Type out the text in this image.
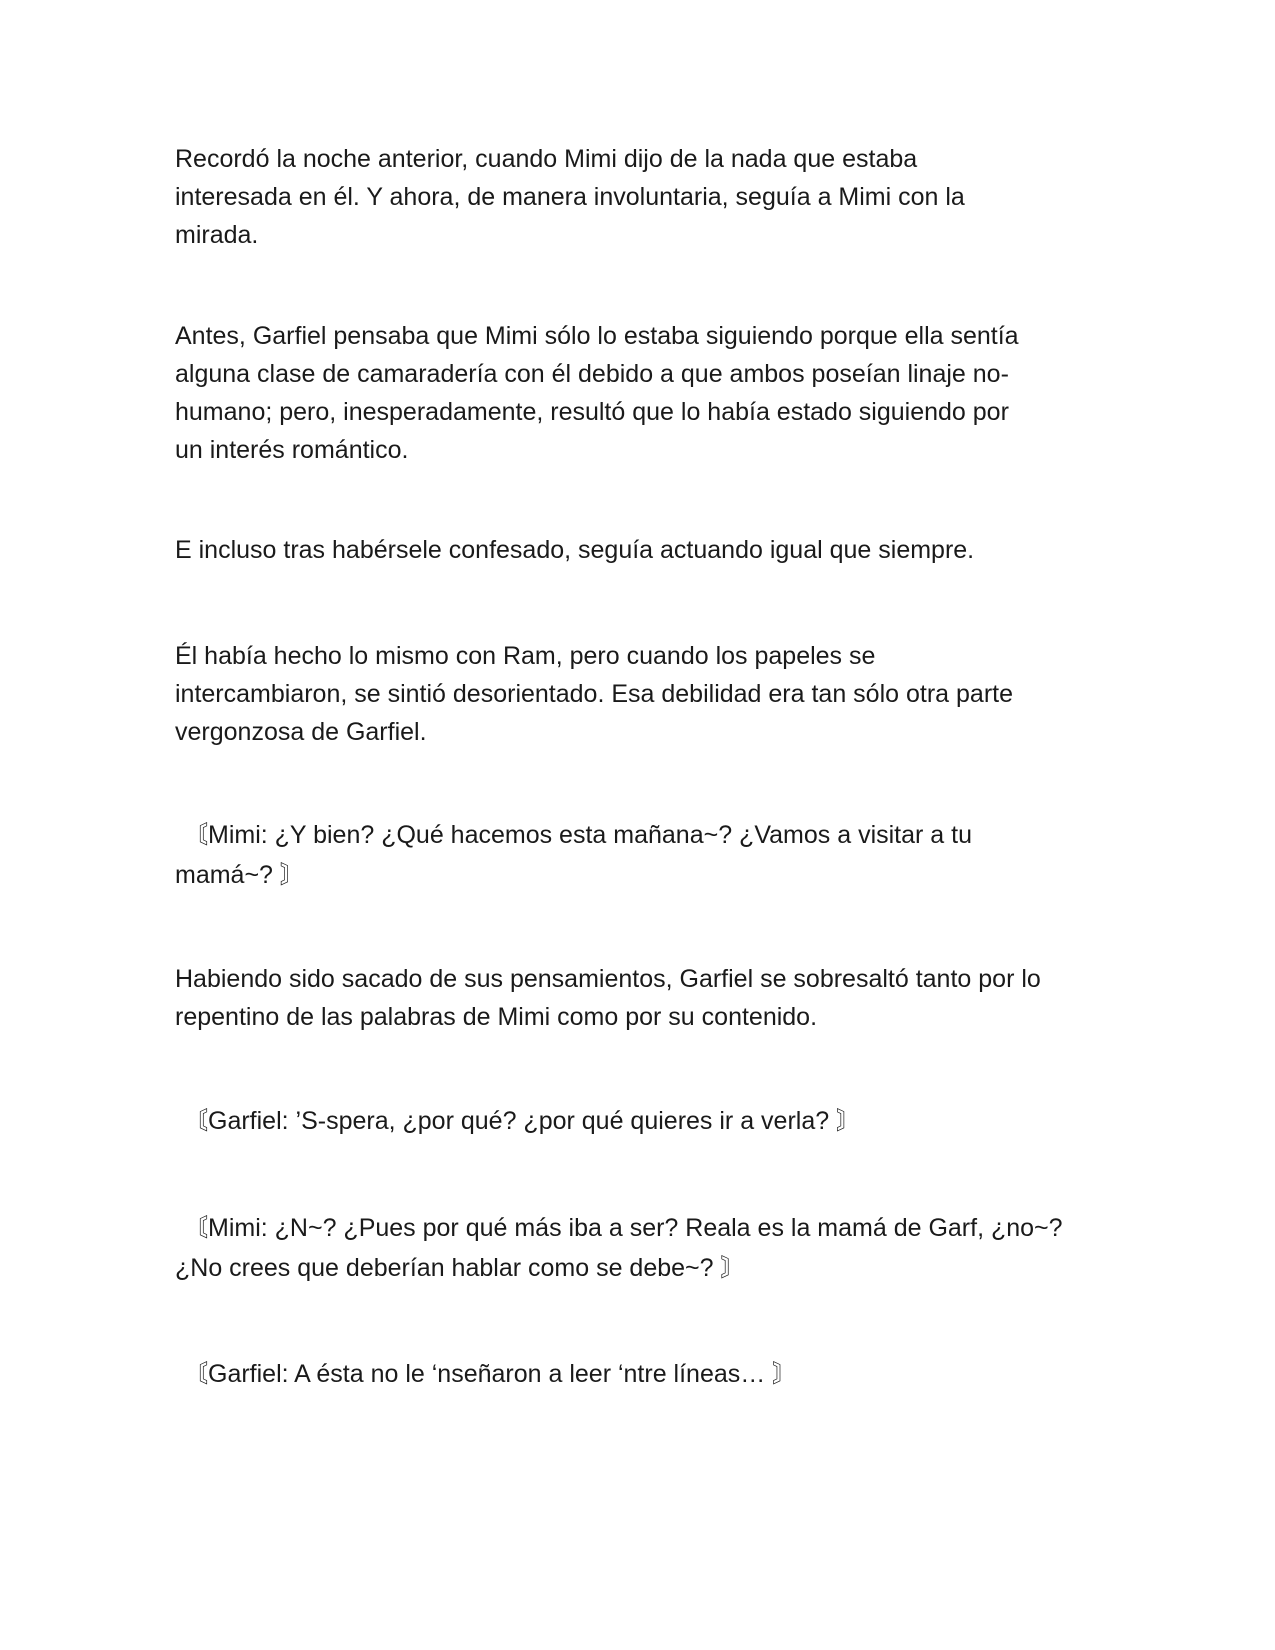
Recordó la noche anterior, cuando Mimi dijo de la nada que estaba
interesada en él. Y ahora, de manera involuntaria, seguía a Mimi con la
mirada.

Antes, Garfiel pensaba que Mimi sólo lo estaba siguiendo porque ella sentía
alguna clase de camaradería con él debido a que ambos poseían linaje no-
humano; pero, inesperadamente, resultó que lo había estado siguiendo por
un interés romántico.

E incluso tras habérsele confesado, seguía actuando igual que siempre.

Él había hecho lo mismo con Ram, pero cuando los papeles se
intercambiaron, se sintió desorientado. Esa debilidad era tan sólo otra parte
vergonzosa de Garfiel.

〘Mimi: ¿Y bien? ¿Qué hacemos esta mañana~? ¿Vamos a visitar a tu
mamá~? 〙

Habiendo sido sacado de sus pensamientos, Garfiel se sobresaltó tanto por lo
repentino de las palabras de Mimi como por su contenido.

〘Garfiel: ’S-spera, ¿por qué? ¿por qué quieres ir a verla? 〙

〘Mimi: ¿N~? ¿Pues por qué más iba a ser? Reala es la mamá de Garf, ¿no~?
¿No crees que deberían hablar como se debe~? 〙

〘Garfiel: A ésta no le ‘nseñaron a leer ‘ntre líneas… 〙
